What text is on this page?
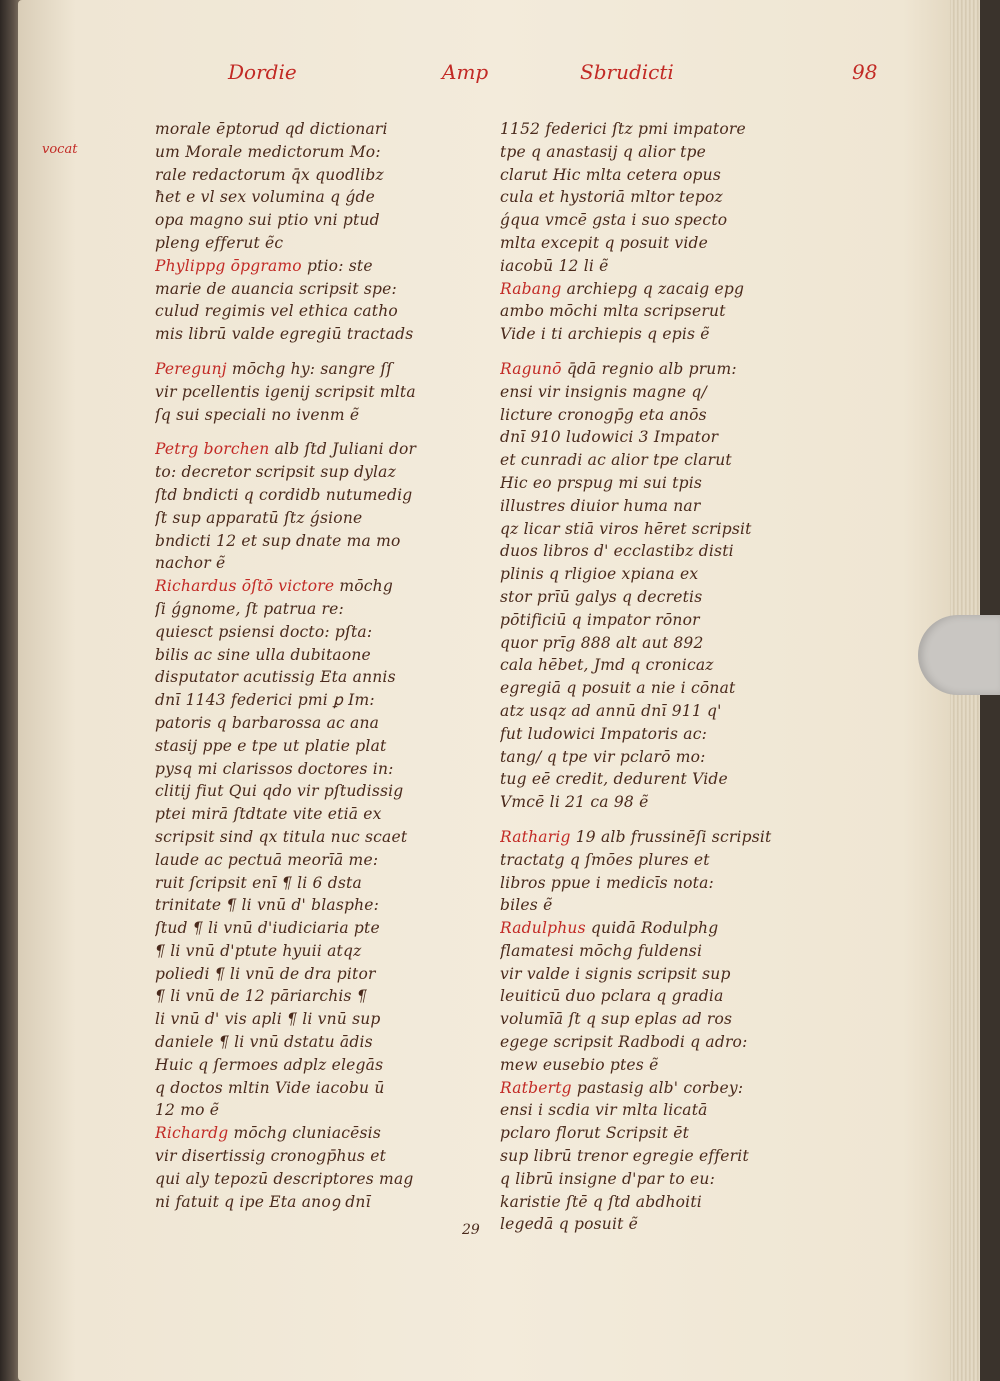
Dordie	Amp	Sbrudicti	98
vocat
morale ēptorud qd dictionari
um Morale medictorum Mo:
rale redactorum q̄x quodlibz
ħet e vl sex volumina q ǵde
opa magno sui ptio vni ptud
pleng efferut ẽc
Phylippg ōpgramo ptio: ste
marie de auancia scripsit spe:
culud regimis vel ethica catho
mis librū valde egregiū tractads
Peregunj mōchg hy: sangre ſſ
vir pcellentis igenij scripsit mlta
ſq sui speciali no ivenm ẽ
Petrg borchen alb ſtd Juliani dor
to: decretor scripsit sup dylaz
ſtd bndicti q cordidb nutumedig
ſt sup apparatū ſtz ǵsione
bndicti 12 et sup dnate ma mo
nachor ẽ
Richardus ōſtō victore mōchg
ſi ǵgnome, ſt patrua re:
quiesct psiensi docto: pſta:
bilis ac sine ulla dubitaone
disputator acutissig Eta annis
dnī 1143 federici pmi ꝑ Im:
patoris q barbarossa ac ana
stasij ppe e tpe ut platie plat
pysq mi clarissos doctores in:
clitij fiut Qui qdo vir pſtudissig
ptei mirā ſtdtate vite etiā ex
scripsit sind qx titula nuc scaet
laude ac pectuā meorīā me:
ruit ſcripsit enī ¶ li 6 dsta
trinitate ¶ li vnū d' blasphe:
ſtud ¶ li vnū d'iudiciaria pte
¶ li vnū d'ptute hyuii atqz
poliedi ¶ li vnū de dra pitor
¶ li vnū de 12 pāriarchis ¶
li vnū d' vis apli ¶ li vnū sup
daniele ¶ li vnū dstatu ādis
Huic q ſermoes adplz elegās
q doctos mltin Vide iacobu ū
12 mo ẽ
Richardg mōchg cluniacēsis
vir disertissig cronogp̄hus et
qui aly tepozū descriptores mag
ni fatuit q ipe Eta anoꝯ dnī
1152 federici ſtz pmi impatore
tpe q anastasij q alior tpe
clarut Hic mlta cetera opus
cula et hystoriā mltor tepoz
ǵqua vmcē gsta i suo specto
mlta excepit q posuit vide
iacobū 12 li ẽ
Rabang archiepg q zacaig epg
ambo mōchi mlta scripserut
Vide i ti archiepis q epis ẽ
Ragunō q̄dā regnio alb prum:
ensi vir insignis magne q/
licture cronogp̄g eta anōs
dnī 910 ludowici 3 Impator
et cunradi ac alior tpe clarut
Hic eo prspug mi sui tpis
illustres diuior huma nar
qz licar stiā viros hēret scripsit
duos libros d' ecclastibz disti
plinis q rligioe xpiana ex
stor prīū galys q decretis
pōtificiū q impator rōnor
quor prīg 888 alt aut 892
cala hēbet, Jmd q cronicaz
egregiā q posuit a nie i cōnat
atz usqz ad annū dnī 911 q'
fut ludowici Impatoris ac:
tang/ q tpe vir pclarō mo:
tug eē credit, dedurent Vide
Vmcē li 21 ca 98 ẽ
Ratharig 19 alb frussinēſi scripsit
tractatg q ſmōes plures et
libros ppue i medicīs nota:
biles ẽ
Radulphus quidā Rodulphg
flamatesi mōchg fuldensi
vir valde i signis scripsit sup
leuiticū duo pclara q gradia
volumīā ſt q sup eplas ad ros
egege scripsit Radbodi q adro:
mew eusebio ptes ẽ
Ratbertg pastasig alb' corbey:
ensi i scdia vir mlta licatā
pclaro florut Scripsit ēt
sup librū trenor egregie efferit
q librū insigne d'par to eu:
karistie ſtē q ſtd abdhoiti
legedā q posuit ẽ
29
